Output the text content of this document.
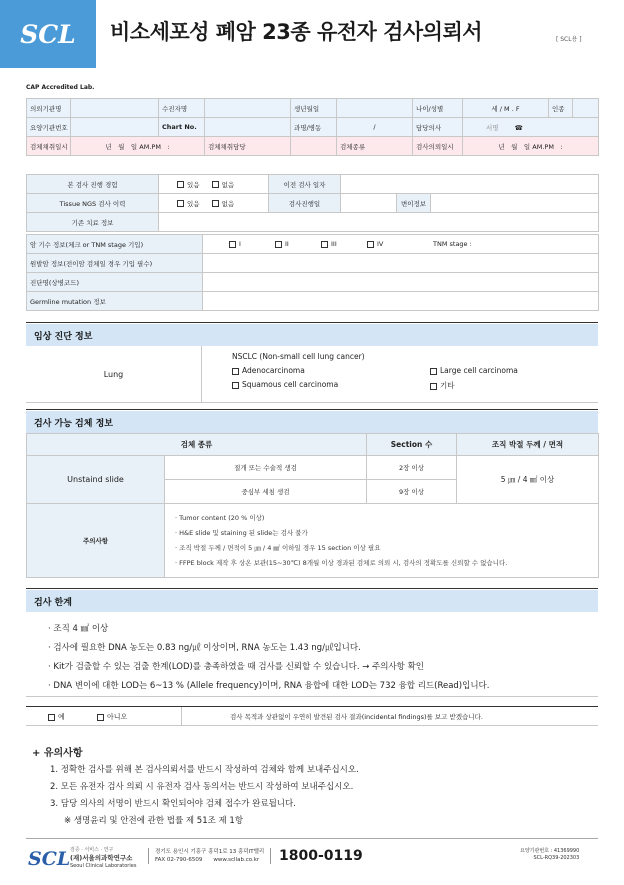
SCL	비소세포성 폐암 23종 유전자 검사의뢰서	[ SCL용 ]
CAP Accredited Lab.
의뢰기관명		수진자명		생년월일		나이/성별	세 / M . F	인종	
요양기관번호		Chart No.		과명/병동	/	담당의사	서명 ☎		
검체채취일시	년　월　일 AM.PM　:		검체채취담당		검체종류	검사의뢰일시	년　월　일 AM.PM　:		
본 검사 진행 경험	있음 없음	이전 검사 일자			
Tissue NGS 검사 이력	있음 없음	검사진행일		변이정보	
기존 치료 정보					
암 기수 정보(체크 or TNM stage 기입)	I II III IV TNM stage :
원발암 정보(전이암 검체일 경우 기입 필수)	
진단명(상병코드)	
Germline mutation 정보	
임상 진단 정보
Lung
NSCLC (Non-small cell lung cancer)
Adenocarcinoma	Large cell carcinoma
Squamous cell carcinoma	기타
검사 가능 검체 정보
검체 종류		Section 수	조직 박절 두께 / 면적
Unstaind slide	절개 또는 수술적 생검	2장 이상	5 ㎛ / 4 ㎟ 이상
	중심부 세침 생검	9장 이상	
주의사항	· Tumor content (20 % 이상)
· H&E slide 및 staining 된 slide는 검사 불가
· 조직 박절 두께 / 면적이 5 ㎛ / 4 ㎟ 이하일 경우 15 section 이상 필요
· FFPE block 제작 후 상온 보관(15~30℃) 8개월 이상 경과된 검체로 의뢰 시, 검사의 정확도를 신뢰할 수 없습니다.		
검사 한계
· 조직 4 ㎟ 이상
· 검사에 필요한 DNA 농도는 0.83 ng/㎕ 이상이며, RNA 농도는 1.43 ng/㎕입니다.
· Kit가 검출할 수 있는 검출 한계(LOD)를 충족하였을 때 검사를 신뢰할 수 있습니다. → 주의사항 확인
· DNA 변이에 대한 LOD는 6~13 % (Allele frequency)이며, RNA 융합에 대한 LOD는 732 융합 리드(Read)입니다.
예	아니오	검사 목적과 상관없이 우연히 발견된 검사 결과(incidental findings)를 보고 받겠습니다.
+ 유의사항
1. 정확한 검사를 위해 본 검사의뢰서를 반드시 작성하여 검체와 함께 보내주십시오.
2. 모든 유전자 검사 의뢰 시 유전자 검사 동의서는 반드시 작성하여 보내주십시오.
3. 담당 의사의 서명이 반드시 확인되어야 검체 접수가 완료됩니다.
※ 생명윤리 및 안전에 관한 법률 제 51조 제 1항
SCL 검증 · 서비스 · 연구
(재)서울의과학연구소
Seoul Clinical Laboratories
경기도 용인시 기흥구 흥덕1로 13 흥덕IT밸리
FAX 02-790-6509　　www.scllab.co.kr	1800-0119	요양기관번호 : 41369990
SCL-RQ39-202303
